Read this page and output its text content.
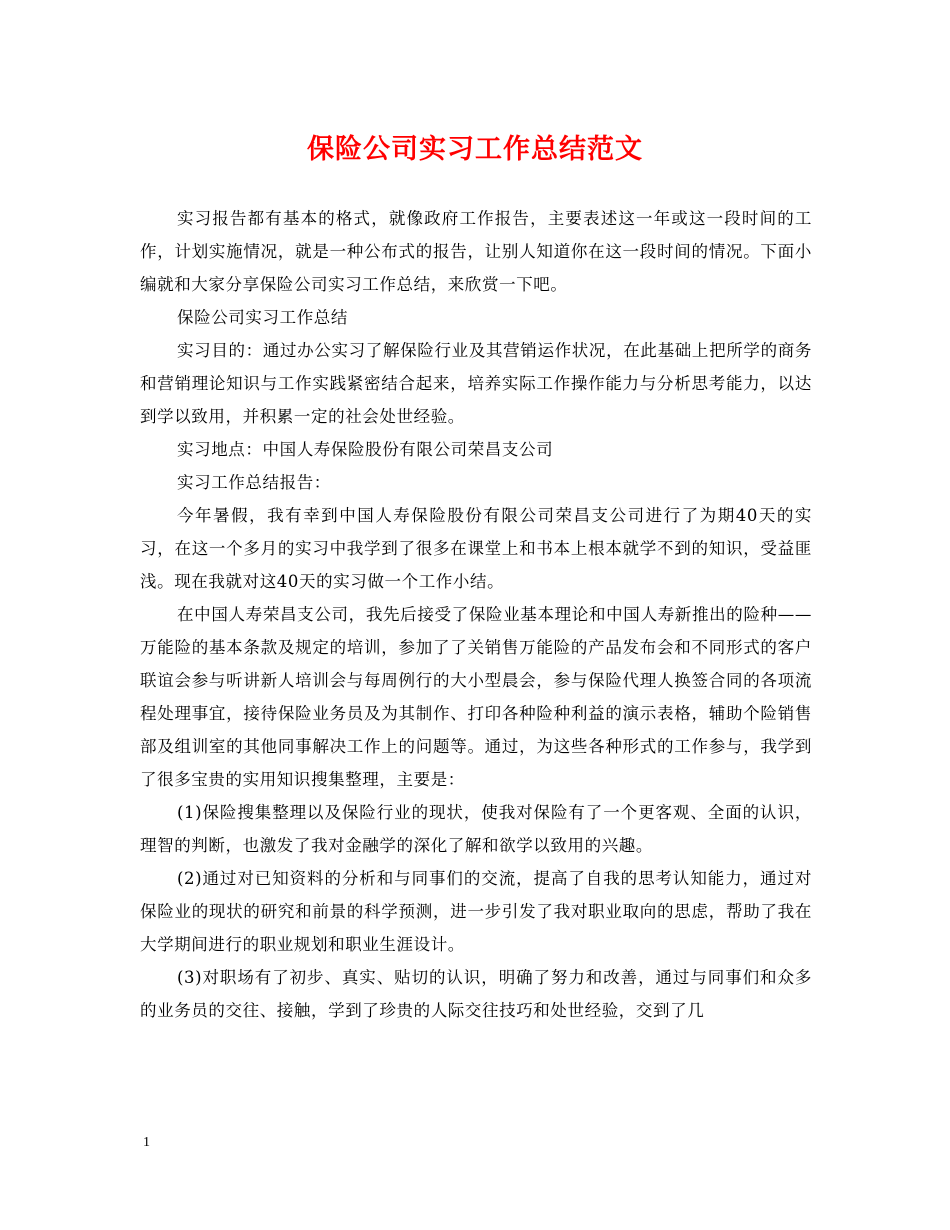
保险公司实习工作总结范文

实习报告都有基本的格式，就像政府工作报告，主要表述这一年或这一段时间的工作，计划实施情况，就是一种公布式的报告，让别人知道你在这一段时间的情况。下面小编就和大家分享保险公司实习工作总结，来欣赏一下吧。

保险公司实习工作总结

实习目的：通过办公实习了解保险行业及其营销运作状况，在此基础上把所学的商务和营销理论知识与工作实践紧密结合起来，培养实际工作操作能力与分析思考能力，以达到学以致用，并积累一定的社会处世经验。

实习地点：中国人寿保险股份有限公司荣昌支公司

实习工作总结报告：

今年暑假，我有幸到中国人寿保险股份有限公司荣昌支公司进行了为期40天的实习，在这一个多月的实习中我学到了很多在课堂上和书本上根本就学不到的知识，受益匪浅。现在我就对这40天的实习做一个工作小结。

在中国人寿荣昌支公司，我先后接受了保险业基本理论和中国人寿新推出的险种——万能险的基本条款及规定的培训，参加了了关销售万能险的产品发布会和不同形式的客户联谊会参与听讲新人培训会与每周例行的大小型晨会，参与保险代理人换签合同的各项流程处理事宜，接待保险业务员及为其制作、打印各种险种利益的演示表格，辅助个险销售部及组训室的其他同事解决工作上的问题等。通过，为这些各种形式的工作参与，我学到了很多宝贵的实用知识搜集整理，主要是：

(1)保险搜集整理以及保险行业的现状，使我对保险有了一个更客观、全面的认识，理智的判断，也激发了我对金融学的深化了解和欲学以致用的兴趣。

(2)通过对已知资料的分析和与同事们的交流，提高了自我的思考认知能力，通过对保险业的现状的研究和前景的科学预测，进一步引发了我对职业取向的思虑，帮助了我在大学期间进行的职业规划和职业生涯设计。

(3)对职场有了初步、真实、贴切的认识，明确了努力和改善，通过与同事们和众多的业务员的交往、接触，学到了珍贵的人际交往技巧和处世经验，交到了几

1
